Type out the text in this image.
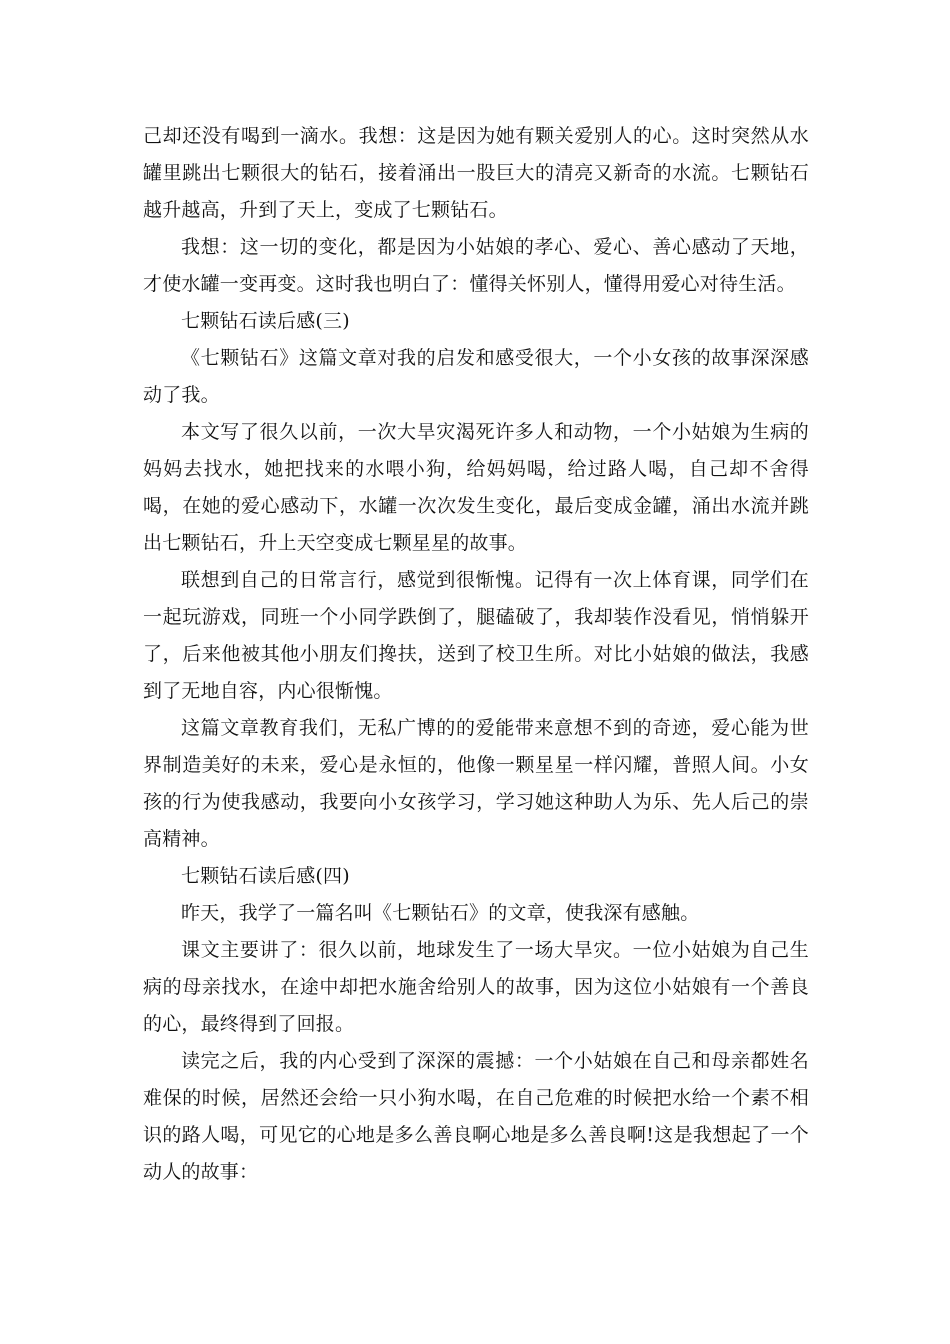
己却还没有喝到一滴水。我想：这是因为她有颗关爱别人的心。这时突然从水罐里跳出七颗很大的钻石，接着涌出一股巨大的清亮又新奇的水流。七颗钻石越升越高，升到了天上，变成了七颗钻石。

我想：这一切的变化，都是因为小姑娘的孝心、爱心、善心感动了天地，才使水罐一变再变。这时我也明白了：懂得关怀别人，懂得用爱心对待生活。

七颗钻石读后感(三)

《七颗钻石》这篇文章对我的启发和感受很大，一个小女孩的故事深深感动了我。

本文写了很久以前，一次大旱灾渴死许多人和动物，一个小姑娘为生病的妈妈去找水，她把找来的水喂小狗，给妈妈喝，给过路人喝，自己却不舍得喝，在她的爱心感动下，水罐一次次发生变化，最后变成金罐，涌出水流并跳出七颗钻石，升上天空变成七颗星星的故事。

联想到自己的日常言行，感觉到很惭愧。记得有一次上体育课，同学们在一起玩游戏，同班一个小同学跌倒了，腿磕破了，我却装作没看见，悄悄躲开了，后来他被其他小朋友们搀扶，送到了校卫生所。对比小姑娘的做法，我感到了无地自容，内心很惭愧。

这篇文章教育我们，无私广博的的爱能带来意想不到的奇迹，爱心能为世界制造美好的未来，爱心是永恒的，他像一颗星星一样闪耀，普照人间。小女孩的行为使我感动，我要向小女孩学习，学习她这种助人为乐、先人后己的崇高精神。

七颗钻石读后感(四)

昨天，我学了一篇名叫《七颗钻石》的文章，使我深有感触。

课文主要讲了：很久以前，地球发生了一场大旱灾。一位小姑娘为自己生病的母亲找水，在途中却把水施舍给别人的故事，因为这位小姑娘有一个善良的心，最终得到了回报。

读完之后，我的内心受到了深深的震撼：一个小姑娘在自己和母亲都姓名难保的时候，居然还会给一只小狗水喝，在自己危难的时候把水给一个素不相识的路人喝，可见它的心地是多么善良啊心地是多么善良啊!这是我想起了一个动人的故事：
